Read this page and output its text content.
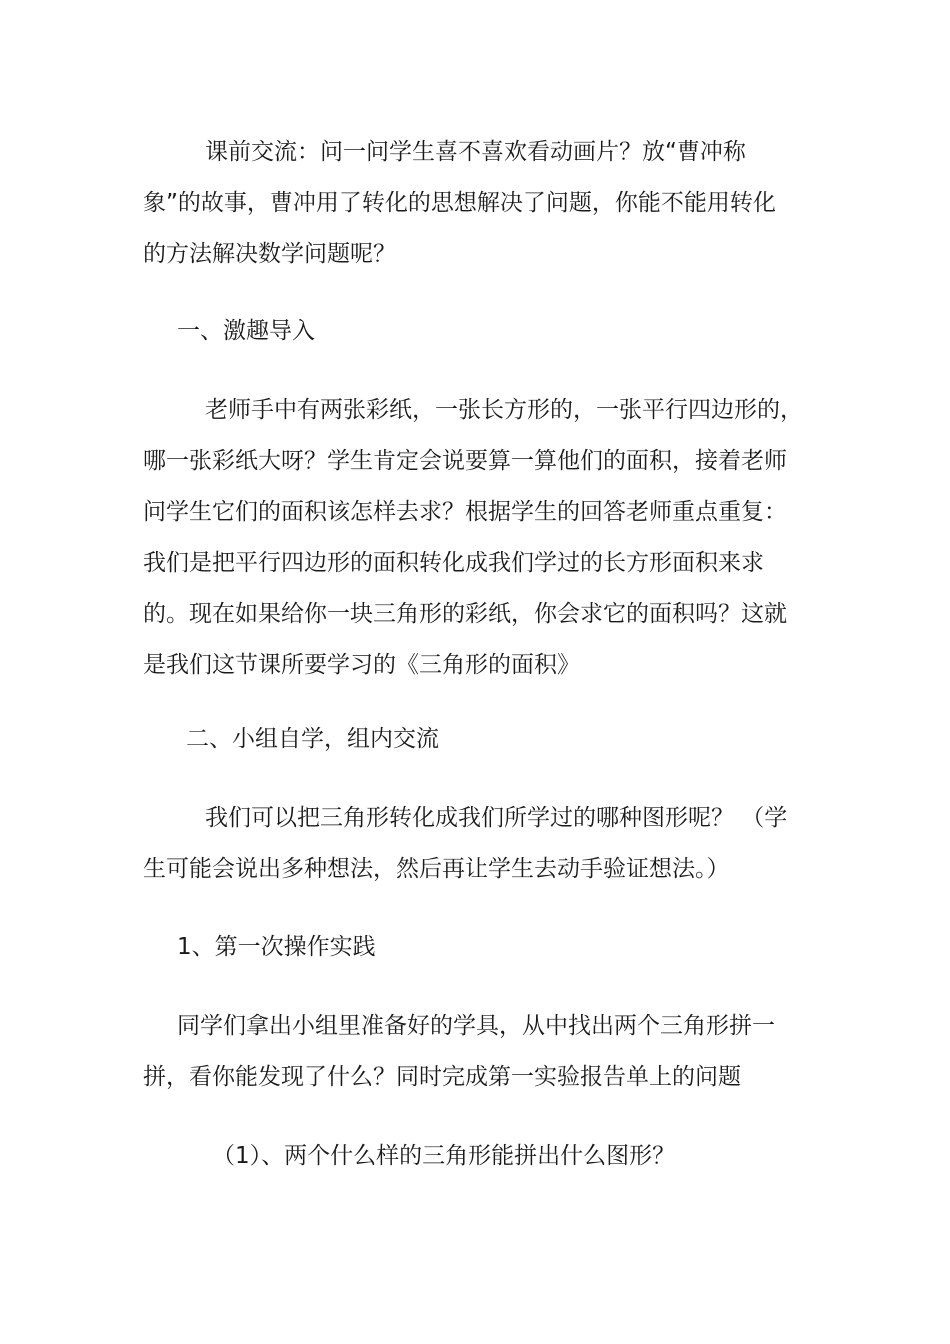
课前交流：问一问学生喜不喜欢看动画片？放“曹冲称
象”的故事，曹冲用了转化的思想解决了问题，你能不能用转化
的方法解决数学问题呢？
一、激趣导入
老师手中有两张彩纸，一张长方形的，一张平行四边形的，
哪一张彩纸大呀？学生肯定会说要算一算他们的面积，接着老师
问学生它们的面积该怎样去求？根据学生的回答老师重点重复：
我们是把平行四边形的面积转化成我们学过的长方形面积来求
的。现在如果给你一块三角形的彩纸，你会求它的面积吗？这就
是我们这节课所要学习的《三角形的面积》
二、小组自学，组内交流
我们可以把三角形转化成我们所学过的哪种图形呢？ （学
生可能会说出多种想法，然后再让学生去动手验证想法。）
1、第一次操作实践
同学们拿出小组里准备好的学具，从中找出两个三角形拼一
拼，看你能发现了什么？同时完成第一实验报告单上的问题
（1）、两个什么样的三角形能拼出什么图形？
